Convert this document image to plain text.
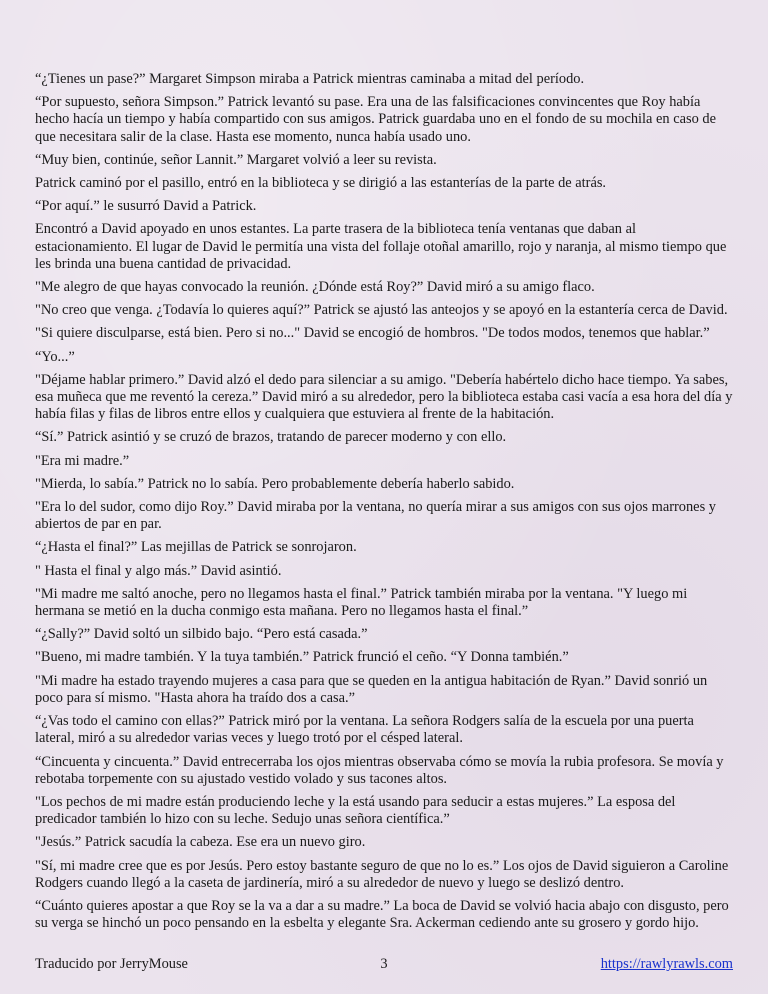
“¿Tienes un pase?” Margaret Simpson miraba a Patrick mientras caminaba a mitad del período.

“Por supuesto, señora Simpson.” Patrick levantó su pase. Era una de las falsificaciones convincentes que Roy había hecho hacía un tiempo y había compartido con sus amigos. Patrick guardaba uno en el fondo de su mochila en caso de que necesitara salir de la clase. Hasta ese momento, nunca había usado uno.

“Muy bien, continúe, señor Lannit.” Margaret volvió a leer su revista.

Patrick caminó por el pasillo, entró en la biblioteca y se dirigió a las estanterías de la parte de atrás.

“Por aquí.” le susurró David a Patrick.

Encontró a David apoyado en unos estantes. La parte trasera de la biblioteca tenía ventanas que daban al estacionamiento. El lugar de David le permitía una vista del follaje otoñal amarillo, rojo y naranja, al mismo tiempo que les brinda una buena cantidad de privacidad.

"Me alegro de que hayas convocado la reunión. ¿Dónde está Roy?” David miró a su amigo flaco.

"No creo que venga. ¿Todavía lo quieres aquí?” Patrick se ajustó las anteojos y se apoyó en la estantería cerca de David.

"Si quiere disculparse, está bien. Pero si no..." David se encogió de hombros. "De todos modos, tenemos que hablar.”

“Yo...”

"Déjame hablar primero.” David alzó el dedo para silenciar a su amigo. "Debería habértelo dicho hace tiempo. Ya sabes, esa muñeca que me reventó la cereza.” David miró a su alrededor, pero la biblioteca estaba casi vacía a esa hora del día y había filas y filas de libros entre ellos y cualquiera que estuviera al frente de la habitación.

“Sí.” Patrick asintió y se cruzó de brazos, tratando de parecer moderno y con ello.

"Era mi madre.”

"Mierda, lo sabía.” Patrick no lo sabía. Pero probablemente debería haberlo sabido.

"Era lo del sudor, como dijo Roy.” David miraba por la ventana, no quería mirar a sus amigos con sus ojos marrones y abiertos de par en par.

“¿Hasta el final?” Las mejillas de Patrick se sonrojaron.

" Hasta el final y algo más.” David asintió.

"Mi madre me saltó anoche, pero no llegamos hasta el final.” Patrick también miraba por la ventana. "Y luego mi hermana se metió en la ducha conmigo esta mañana. Pero no llegamos hasta el final.”

“¿Sally?” David soltó un silbido bajo. “Pero está casada.”

"Bueno, mi madre también. Y la tuya también.” Patrick frunció el ceño. “Y Donna también.”

"Mi madre ha estado trayendo mujeres a casa para que se queden en la antigua habitación de Ryan.” David sonrió un poco para sí mismo. "Hasta ahora ha traído dos a casa.”

“¿Vas todo el camino con ellas?” Patrick miró por la ventana. La señora Rodgers salía de la escuela por una puerta lateral, miró a su alrededor varias veces y luego trotó por el césped lateral.

“Cincuenta y cincuenta.” David entrecerraba los ojos mientras observaba cómo se movía la rubia profesora. Se movía y rebotaba torpemente con su ajustado vestido volado y sus tacones altos.

"Los pechos de mi madre están produciendo leche y la está usando para seducir a estas mujeres.” La esposa del predicador también lo hizo con su leche. Sedujo unas señora científica.”

"Jesús.” Patrick sacudía la cabeza. Ese era un nuevo giro.

"Sí, mi madre cree que es por Jesús. Pero estoy bastante seguro de que no lo es.” Los ojos de David siguieron a Caroline Rodgers cuando llegó a la caseta de jardinería, miró a su alrededor de nuevo y luego se deslizó dentro.

“Cuánto quieres apostar a que Roy se la va a dar a su madre.” La boca de David se volvió hacia abajo con disgusto, pero su verga se hinchó un poco pensando en la esbelta y elegante Sra. Ackerman cediendo ante su grosero y gordo hijo.

Traducido por JerryMouse	3	https://rawlyrawls.com
